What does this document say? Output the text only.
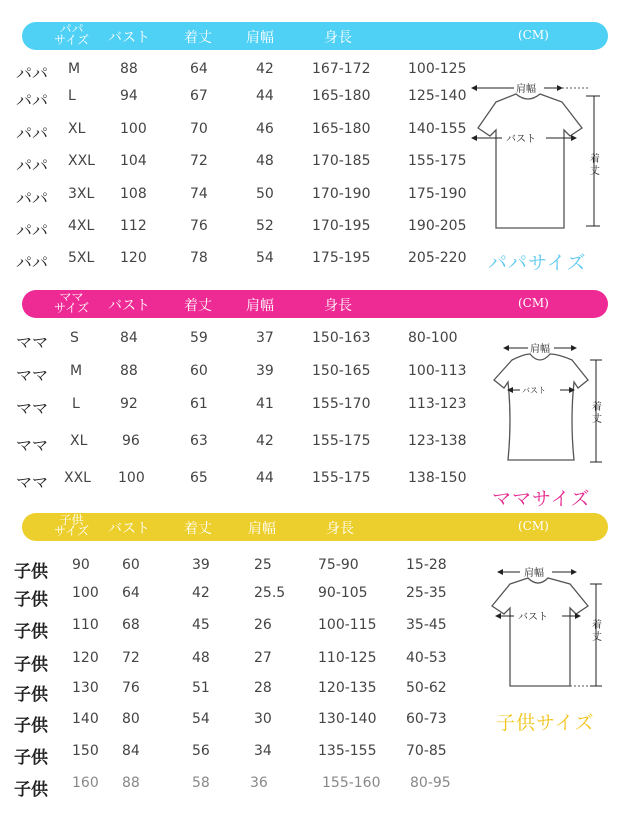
パパ
サイズ バスト 着丈 肩幅	身長	(CM)
パパ M	88	64	42	167-172	100-125
パパ L	94	67	44	165-180	125-140
パパ XL 100	70	46	165-180	140-155
パパ XXL 104	72	48	170-185	155-175
パパ 3XL 108	74	50	170-190	175-190
パパ 4XL 112	76	52	170-195	190-205
パパ 5XL 120	78	54	175-195	205-220
肩幅
バスト
着
丈
パパサイズ
ママ
サイズ バスト 着丈 肩幅	身長	(CM)
ママ S	84	59	37	150-163	80-100
ママ M	88	60	39	150-165	100-113
ママ L	92	61	41	155-170	113-123
ママ XL 96	63	42	155-175	123-138
ママ XXL 100	65	44	155-175	138-150
肩幅
バスト
着
丈
ママサイズ
子供
サイズ バスト 着丈	肩幅	身長	(CM)
子供 90 60	39	25	75-90	15-28
子供 100 64	42	25.5 90-105	25-35
子供 110 68	45	26	100-115 35-45
子供 120 72	48	27	110-125 40-53
子供 130 76	51	28	120-135 50-62
子供 140 80	54	30	130-140 60-73
子供 150 84	56	34	135-155 70-85
子供 160 88	58	36	155-160 80-95
肩幅
バスト
着
丈
子供サイズ
